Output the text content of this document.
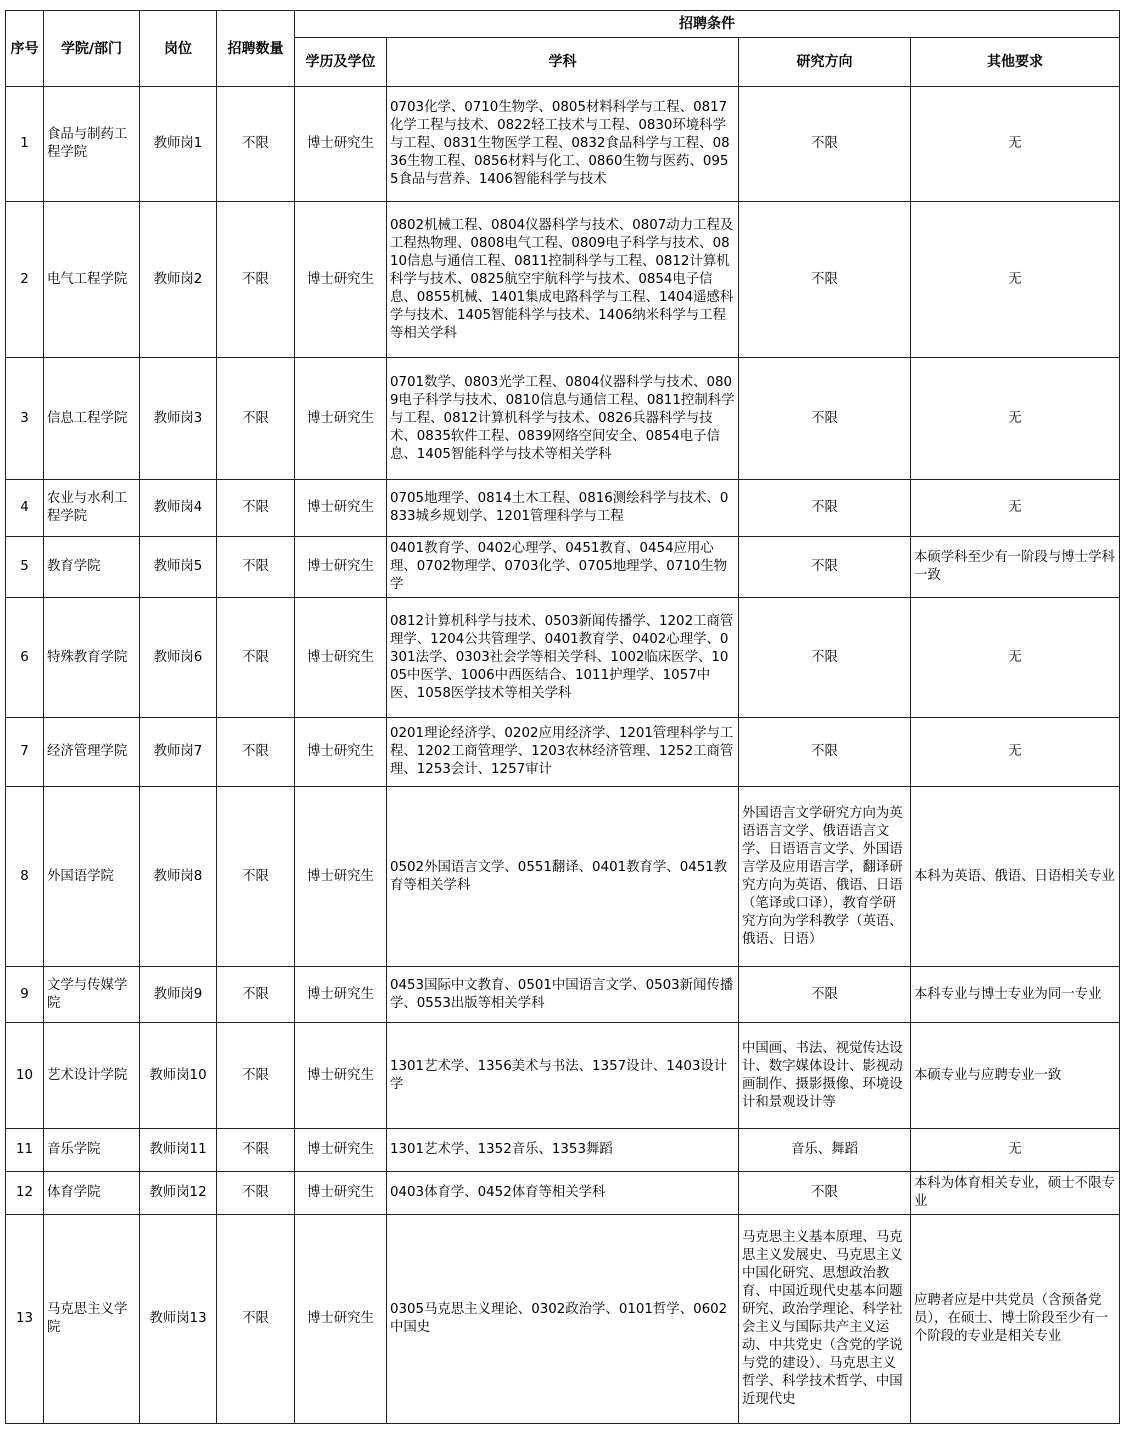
序号	学院/部门	岗位	招聘数量	招聘条件			
				学历及学位	学科	研究方向	其他要求
1	食品与制药工程学院	教师岗1	不限	博士研究生	0703化学、0710生物学、0805材料科学与工程、0817化学工程与技术、0822轻工技术与工程、0830环境科学与工程、0831生物医学工程、0832食品科学与工程、0836生物工程、0856材料与化工、0860生物与医药、0955食品与营养、1406智能科学与技术	不限	无
2	电气工程学院	教师岗2	不限	博士研究生	0802机械工程、0804仪器科学与技术、0807动力工程及工程热物理、0808电气工程、0809电子科学与技术、0810信息与通信工程、0811控制科学与工程、0812计算机科学与技术、0825航空宇航科学与技术、0854电子信息、0855机械、1401集成电路科学与工程、1404遥感科学与技术、1405智能科学与技术、1406纳米科学与工程等相关学科	不限	无
3	信息工程学院	教师岗3	不限	博士研究生	0701数学、0803光学工程、0804仪器科学与技术、0809电子科学与技术、0810信息与通信工程、0811控制科学与工程、0812计算机科学与技术、0826兵器科学与技术、0835软件工程、0839网络空间安全、0854电子信息、1405智能科学与技术等相关学科	不限	无
4	农业与水利工程学院	教师岗4	不限	博士研究生	0705地理学、0814土木工程、0816测绘科学与技术、0833城乡规划学、1201管理科学与工程	不限	无
5	教育学院	教师岗5	不限	博士研究生	0401教育学、0402心理学、0451教育、0454应用心理、0702物理学、0703化学、0705地理学、0710生物学	不限	本硕学科至少有一阶段与博士学科一致
6	特殊教育学院	教师岗6	不限	博士研究生	0812计算机科学与技术、0503新闻传播学、1202工商管理学、1204公共管理学、0401教育学、0402心理学、0301法学、0303社会学等相关学科、1002临床医学、1005中医学、1006中西医结合、1011护理学、1057中医、1058医学技术等相关学科	不限	无
7	经济管理学院	教师岗7	不限	博士研究生	0201理论经济学、0202应用经济学、1201管理科学与工程、1202工商管理学、1203农林经济管理、1252工商管理、1253会计、1257审计	不限	无
8	外国语学院	教师岗8	不限	博士研究生	0502外国语言文学、0551翻译、0401教育学、0451教育等相关学科	外国语言文学研究方向为英语语言文学、俄语语言文学、日语语言文学、外国语言学及应用语言学，翻译研究方向为英语、俄语、日语（笔译或口译），教育学研究方向为学科教学（英语、俄语、日语）	本科为英语、俄语、日语相关专业
9	文学与传媒学院	教师岗9	不限	博士研究生	0453国际中文教育、0501中国语言文学、0503新闻传播学、0553出版等相关学科	不限	本科专业与博士专业为同一专业
10	艺术设计学院	教师岗10	不限	博士研究生	1301艺术学、1356美术与书法、1357设计、1403设计学	中国画、书法、视觉传达设计、数字媒体设计、影视动画制作、摄影摄像、环境设计和景观设计等	本硕专业与应聘专业一致
11	音乐学院	教师岗11	不限	博士研究生	1301艺术学、1352音乐、1353舞蹈	音乐、舞蹈	无
12	体育学院	教师岗12	不限	博士研究生	0403体育学、0452体育等相关学科	不限	本科为体育相关专业，硕士不限专业
13	马克思主义学院	教师岗13	不限	博士研究生	0305马克思主义理论、0302政治学、0101哲学、0602中国史	马克思主义基本原理、马克思主义发展史、马克思主义中国化研究、思想政治教育、中国近现代史基本问题研究、政治学理论、科学社会主义与国际共产主义运动、中共党史（含党的学说与党的建设）、马克思主义哲学、科学技术哲学、中国近现代史	应聘者应是中共党员（含预备党员），在硕士、博士阶段至少有一个阶段的专业是相关专业
